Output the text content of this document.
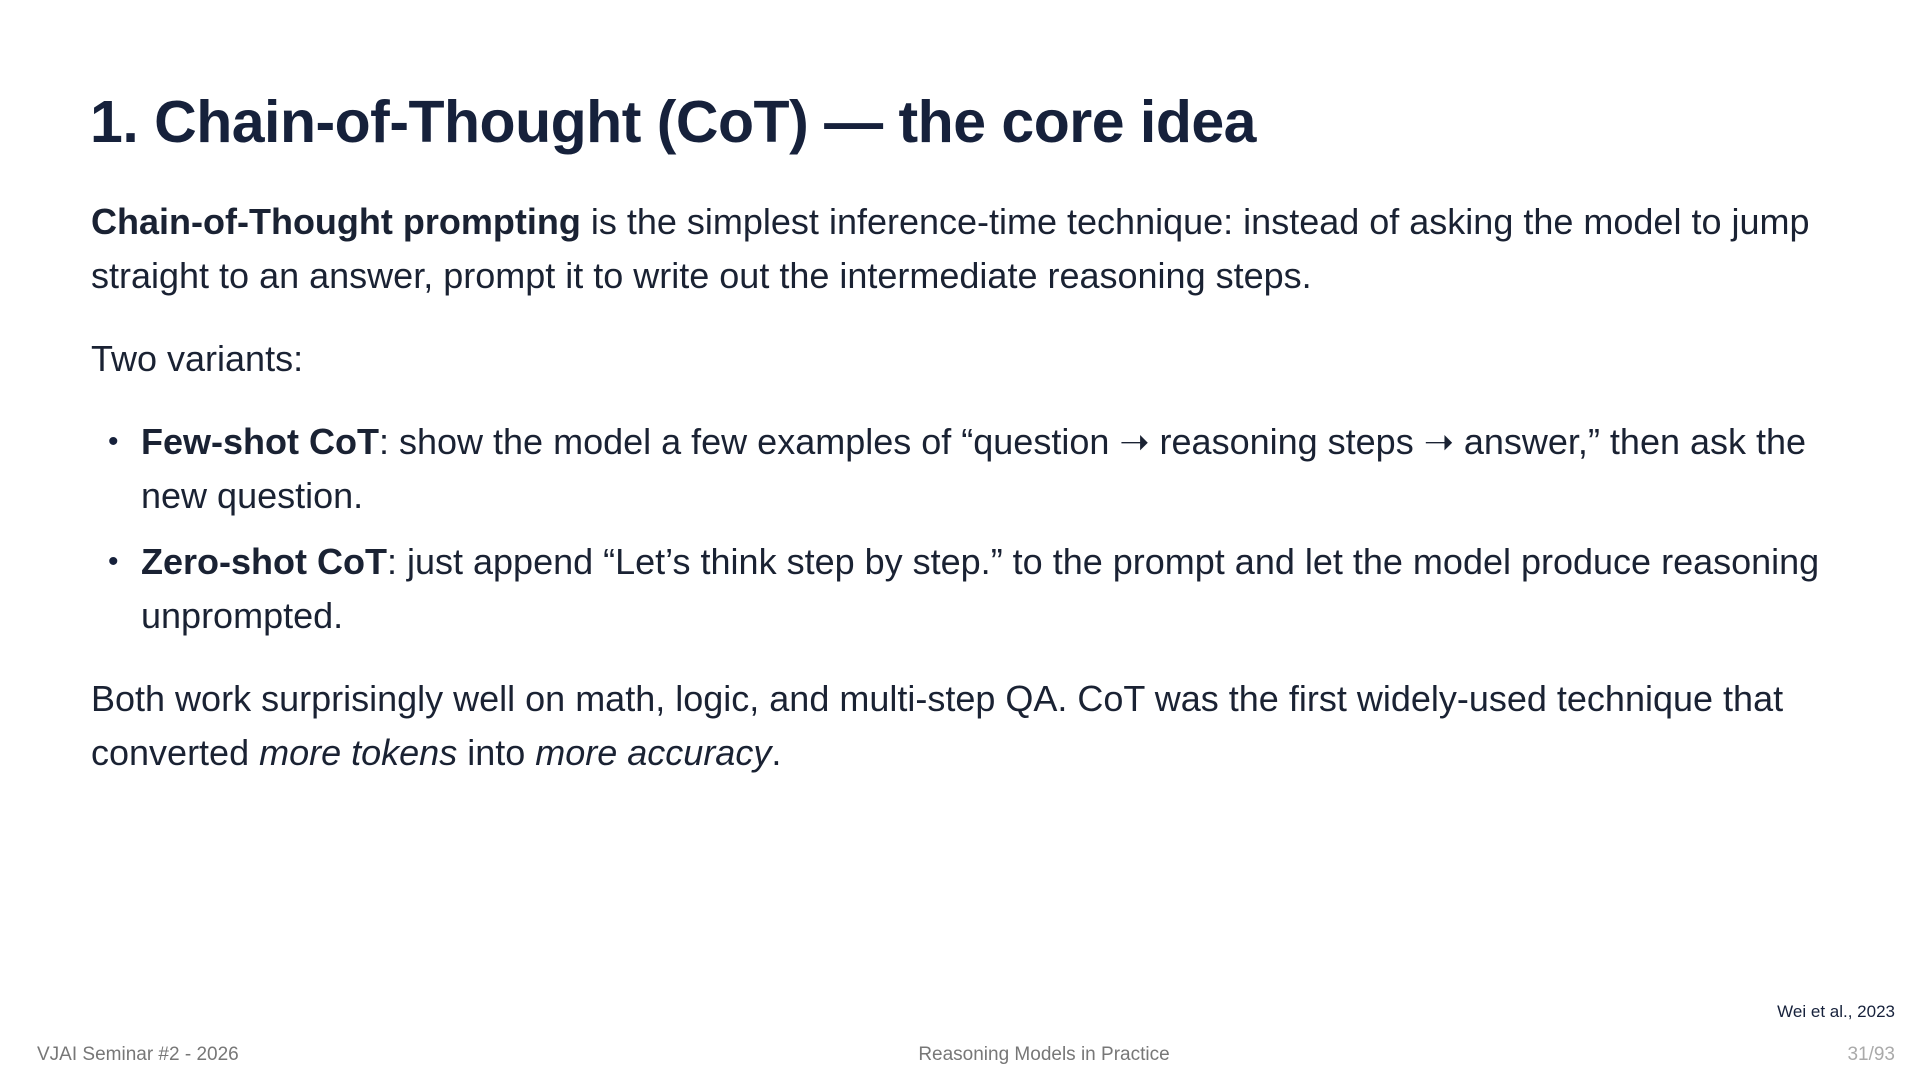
1. Chain-of-Thought (CoT) — the core idea

Chain-of-Thought prompting is the simplest inference-time technique: instead of asking the model to jump straight to an answer, prompt it to write out the intermediate reasoning steps.

Two variants:

• Few-shot CoT: show the model a few examples of “question ➝ reasoning steps ➝ answer,” then ask the new question.
• Zero-shot CoT: just append “Let’s think step by step.” to the prompt and let the model produce reasoning unprompted.

Both work surprisingly well on math, logic, and multi-step QA. CoT was the first widely-used technique that converted more tokens into more accuracy.

Wei et al., 2023
VJAI Seminar #2 - 2026	Reasoning Models in Practice	31/93
